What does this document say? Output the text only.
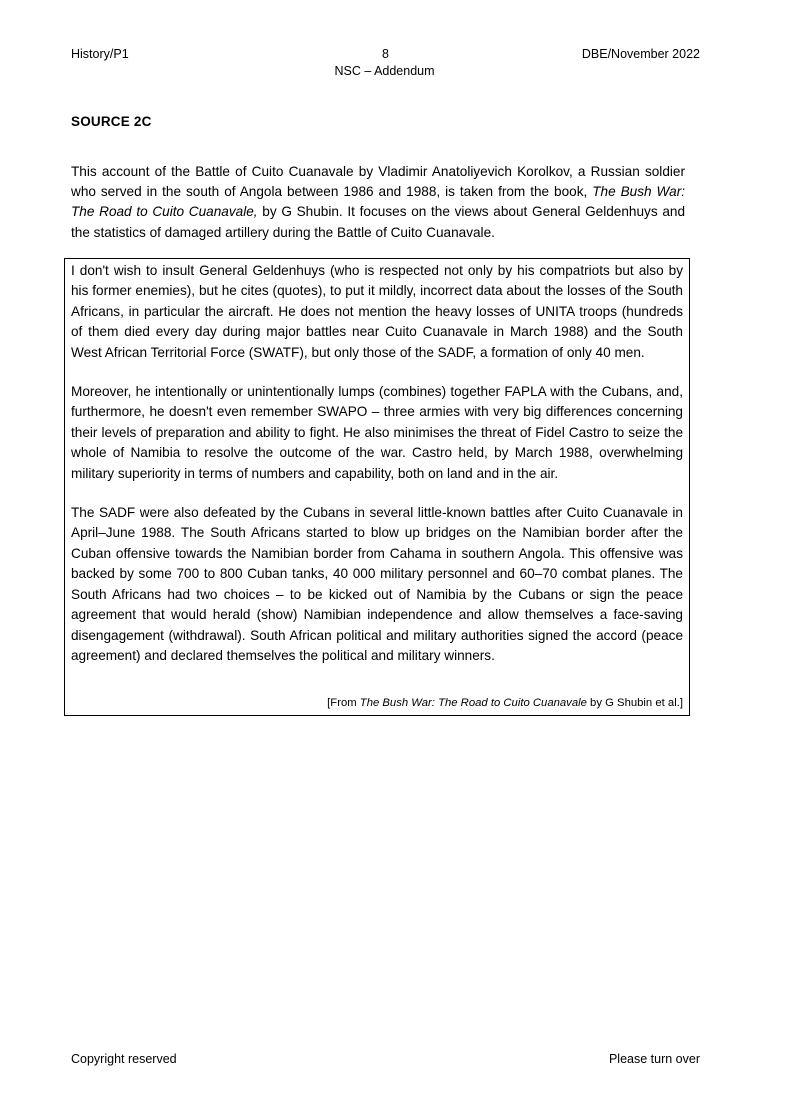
History/P1	8	DBE/November 2022
NSC – Addendum
SOURCE 2C

This account of the Battle of Cuito Cuanavale by Vladimir Anatoliyevich Korolkov, a Russian soldier who served in the south of Angola between 1986 and 1988, is taken from the book, The Bush War: The Road to Cuito Cuanavale, by G Shubin. It focuses on the views about General Geldenhuys and the statistics of damaged artillery during the Battle of Cuito Cuanavale.

I don't wish to insult General Geldenhuys (who is respected not only by his compatriots but also by his former enemies), but he cites (quotes), to put it mildly, incorrect data about the losses of the South Africans, in particular the aircraft. He does not mention the heavy losses of UNITA troops (hundreds of them died every day during major battles near Cuito Cuanavale in March 1988) and the South West African Territorial Force (SWATF), but only those of the SADF, a formation of only 40 men.

Moreover, he intentionally or unintentionally lumps (combines) together FAPLA with the Cubans, and, furthermore, he doesn't even remember SWAPO – three armies with very big differences concerning their levels of preparation and ability to fight. He also minimises the threat of Fidel Castro to seize the whole of Namibia to resolve the outcome of the war. Castro held, by March 1988, overwhelming military superiority in terms of numbers and capability, both on land and in the air.

The SADF were also defeated by the Cubans in several little-known battles after Cuito Cuanavale in April–June 1988. The South Africans started to blow up bridges on the Namibian border after the Cuban offensive towards the Namibian border from Cahama in southern Angola. This offensive was backed by some 700 to 800 Cuban tanks, 40 000 military personnel and 60–70 combat planes. The South Africans had two choices – to be kicked out of Namibia by the Cubans or sign the peace agreement that would herald (show) Namibian independence and allow themselves a face-saving disengagement (withdrawal). South African political and military authorities signed the accord (peace agreement) and declared themselves the political and military winners.

[From The Bush War: The Road to Cuito Cuanavale by G Shubin et al.]
Copyright reserved	Please turn over
